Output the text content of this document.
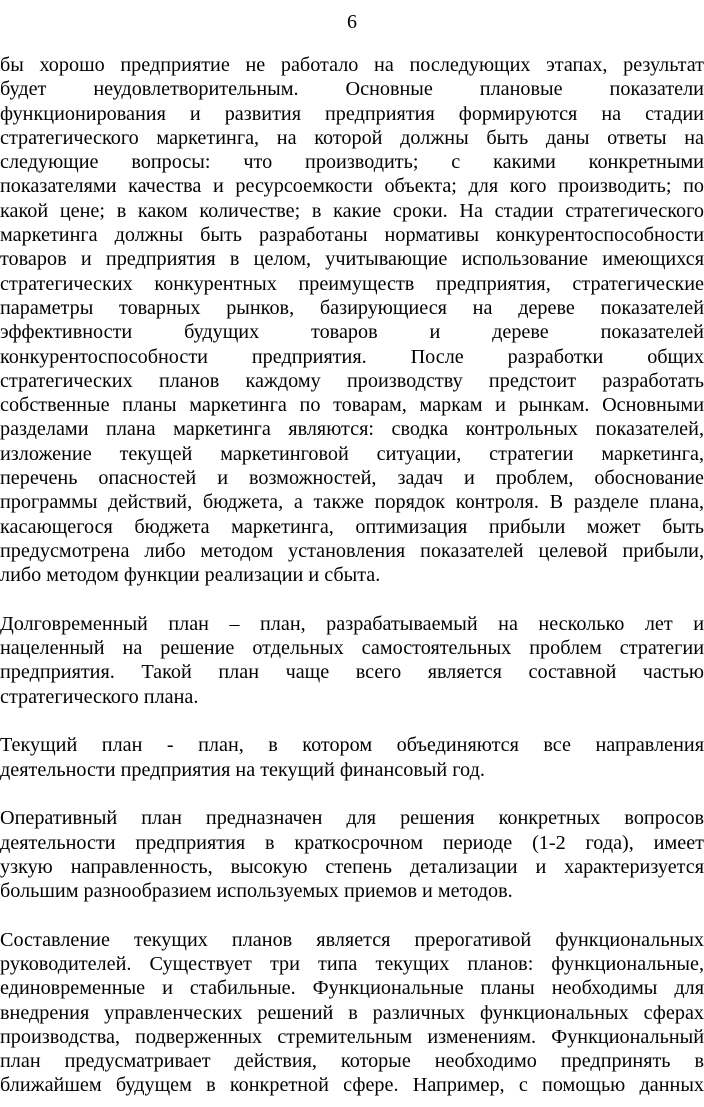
6
бы хорошо предприятие не работало на последующих этапах, результат
будет неудовлетворительным. Основные плановые показатели
функционирования и развития предприятия формируются на стадии
стратегического маркетинга, на которой должны быть даны ответы на
следующие вопросы: что производить; с какими конкретными
показателями качества и ресурсоемкости объекта; для кого производить; по
какой цене; в каком количестве; в какие сроки. На стадии стратегического
маркетинга должны быть разработаны нормативы конкурентоспособности
товаров и предприятия в целом, учитывающие использование имеющихся
стратегических конкурентных преимуществ предприятия, стратегические
параметры товарных рынков, базирующиеся на дереве показателей
эффективности будущих товаров и дереве показателей
конкурентоспособности предприятия. После разработки общих
стратегических планов каждому производству предстоит разработать
собственные планы маркетинга по товарам, маркам и рынкам. Основными
разделами плана маркетинга являются: сводка контрольных показателей,
изложение текущей маркетинговой ситуации, стратегии маркетинга,
перечень опасностей и возможностей, задач и проблем, обоснование
программы действий, бюджета, а также порядок контроля. В разделе плана,
касающегося бюджета маркетинга, оптимизация прибыли может быть
предусмотрена либо методом установления показателей целевой прибыли,
либо методом функции реализации и сбыта.
Долговременный план – план, разрабатываемый на несколько лет и
нацеленный на решение отдельных самостоятельных проблем стратегии
предприятия. Такой план чаще всего является составной частью
стратегического плана.
Текущий план - план, в котором объединяются все направления
деятельности предприятия на текущий финансовый год.
Оперативный план предназначен для решения конкретных вопросов
деятельности предприятия в краткосрочном периоде (1-2 года), имеет
узкую направленность, высокую степень детализации и характеризуется
большим разнообразием используемых приемов и методов.
Составление текущих планов является прерогативой функциональных
руководителей. Существует три типа текущих планов: функциональные,
единовременные и стабильные. Функциональные планы необходимы для
внедрения управленческих решений в различных функциональных сферах
производства, подверженных стремительным изменениям. Функциональный
план предусматривает действия, которые необходимо предпринять в
ближайшем будущем в конкретной сфере. Например, с помощью данных
